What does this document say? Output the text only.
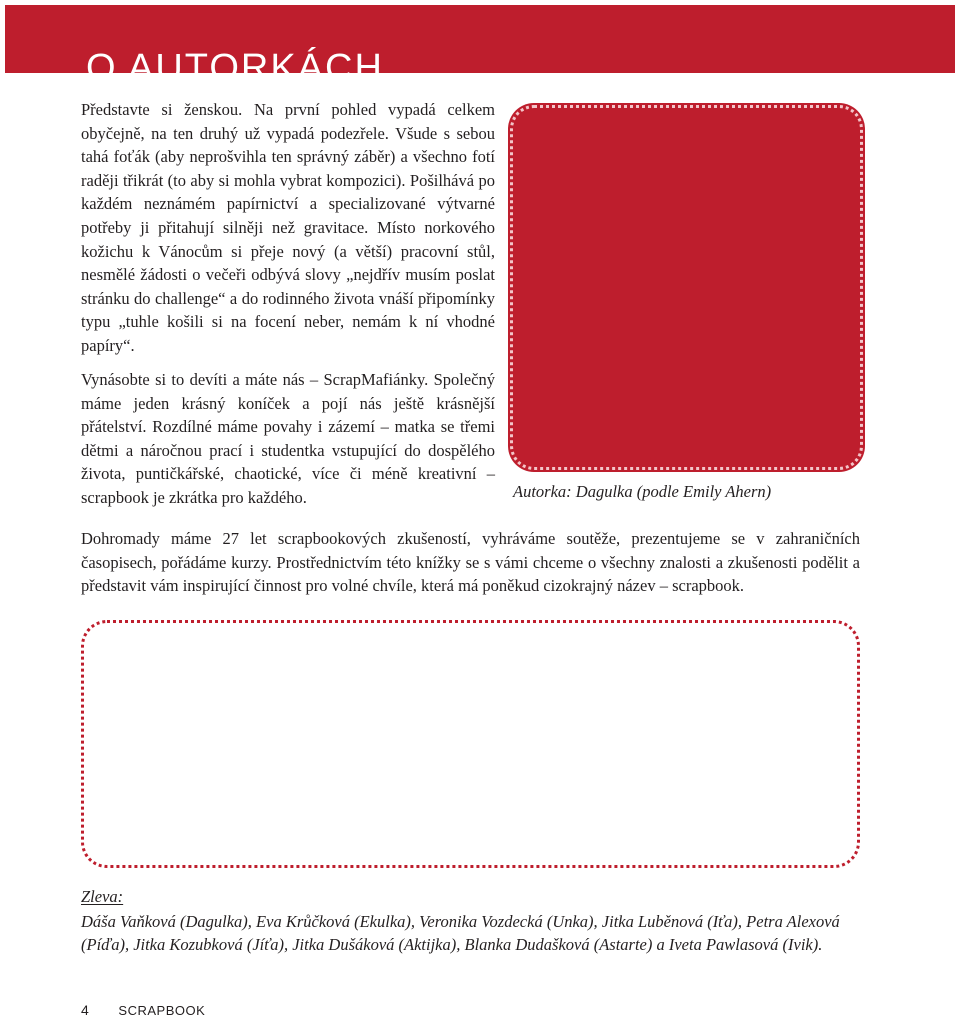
O AUTORKÁCH

Představte si ženskou. Na první pohled vypadá celkem obyčejně, na ten druhý už vypadá podezřele. Všude s sebou tahá foťák (aby neprošvihla ten správný záběr) a všechno fotí raději třikrát (to aby si mohla vybrat kompozici). Pošilhává po každém neznámém papírnictví a specializované výtvarné potřeby ji přitahují silněji než gravitace. Místo norkového kožichu k Vánocům si přeje nový (a větší) pracovní stůl, nesmělé žádosti o večeři odbývá slovy „nejdřív musím poslat stránku do challenge“ a do rodinného života vnáší připomínky typu „tuhle košili si na focení neber, nemám k ní vhodné papíry“.

Autorka: Dagulka (podle Emily Ahern)

Vynásobte si to devíti a máte nás – ScrapMafiánky. Společný máme jeden krásný koníček a pojí nás ještě krásnější přátelství. Rozdílné máme povahy i zázemí – matka se třemi dětmi a náročnou prací i studentka vstupující do dospělého života, puntičkářské, chaotické, více či méně kreativní – scrapbook je zkrátka pro každého.

Dohromady máme 27 let scrapbookových zkušeností, vyhráváme soutěže, prezentujeme se v zahraničních časopisech, pořádáme kurzy. Prostřednictvím této knížky se s vámi chceme o všechny znalosti a zkušenosti podělit a představit vám inspirující činnost pro volné chvíle, která má poněkud cizokrajný název – scrapbook.

Zleva:

Dáša Vaňková (Dagulka), Eva Krůčková (Ekulka), Veronika Vozdecká (Unka), Jitka Luběnová (Iťa), Petra Alexová (Píďa), Jitka Kozubková (Jíťa), Jitka Dušáková (Aktijka), Blanka Dudašková (Astarte) a Iveta Pawlasová (Ivik).

4 SCRAPBOOK
